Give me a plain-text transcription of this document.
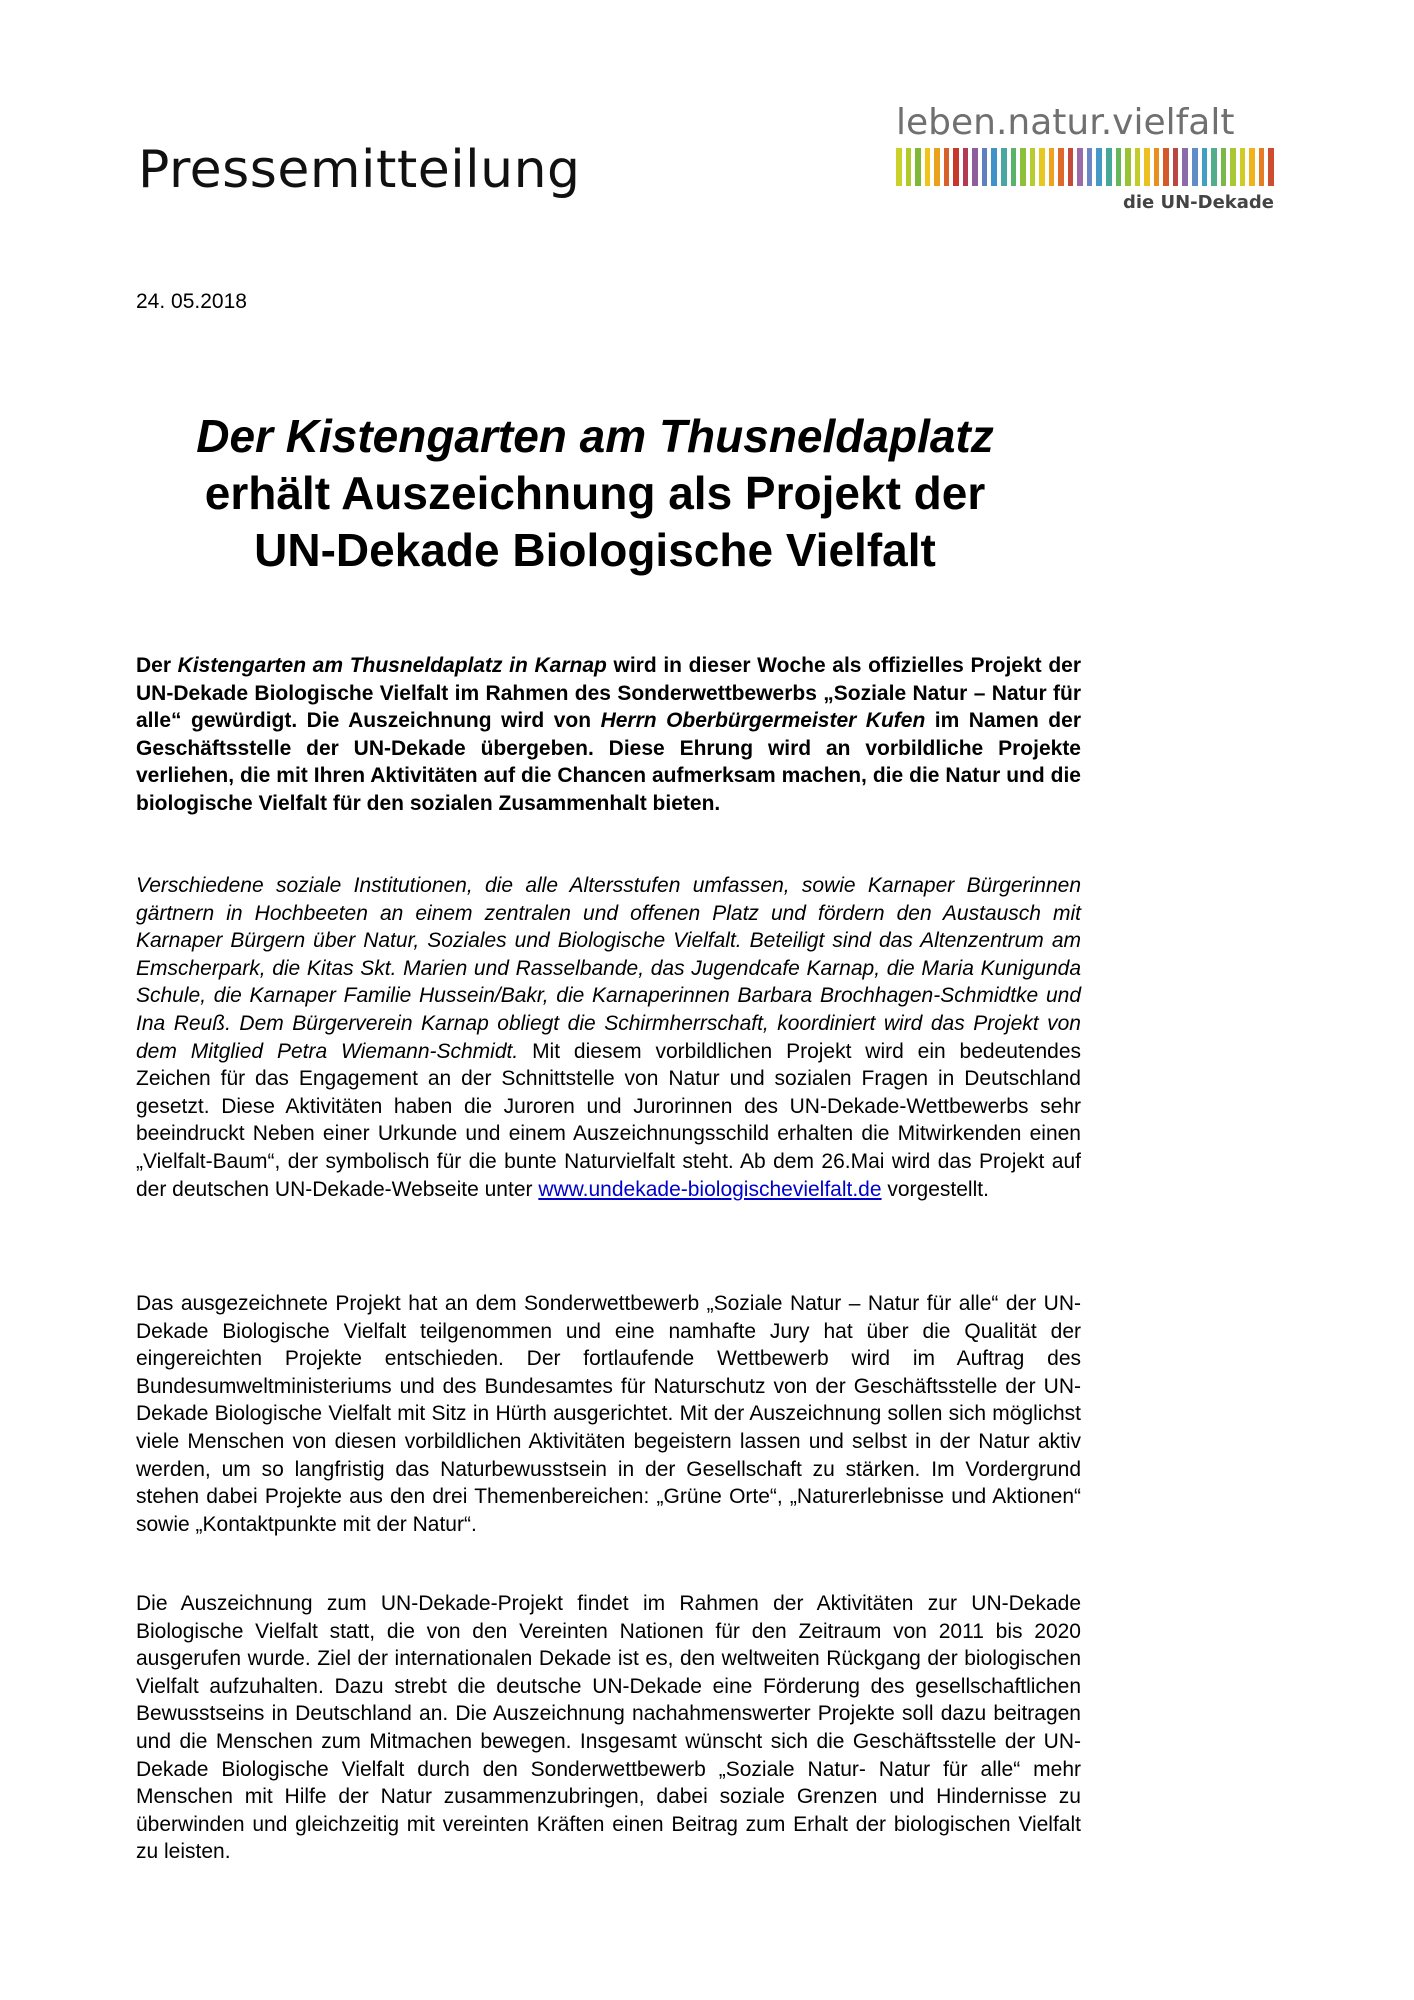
Pressemitteilung
leben.natur.vielfalt
die UN-Dekade
24. 05.2018
Der Kistengarten am Thusneldaplatz
erhält Auszeichnung als Projekt der
UN-Dekade Biologische Vielfalt

Der Kistengarten am Thusneldaplatz in Karnap wird in dieser Woche als offizielles Projekt der UN-Dekade Biologische Vielfalt im Rahmen des Sonderwettbewerbs „Soziale Natur – Natur für alle“ gewürdigt. Die Auszeichnung wird von Herrn Oberbürgermeister Kufen im Namen der Geschäftsstelle der UN-Dekade übergeben. Diese Ehrung wird an vorbildliche Projekte verliehen, die mit Ihren Aktivitäten auf die Chancen aufmerksam machen, die die Natur und die biologische Vielfalt für den sozialen Zusammenhalt bieten.

Verschiedene soziale Institutionen, die alle Altersstufen umfassen, sowie Karnaper Bürgerinnen gärtnern in Hochbeeten an einem zentralen und offenen Platz und fördern den Austausch mit Karnaper Bürgern über Natur, Soziales und Biologische Vielfalt. Beteiligt sind das Altenzentrum am Emscherpark, die Kitas Skt. Marien und Rasselbande, das Jugendcafe Karnap, die Maria Kunigunda Schule, die Karnaper Familie Hussein/Bakr, die Karnaperinnen Barbara Brochhagen-Schmidtke und Ina Reuß. Dem Bürgerverein Karnap obliegt die Schirmherrschaft, koordiniert wird das Projekt von dem Mitglied Petra Wiemann-Schmidt. Mit diesem vorbildlichen Projekt wird ein bedeutendes Zeichen für das Engagement an der Schnittstelle von Natur und sozialen Fragen in Deutschland gesetzt. Diese Aktivitäten haben die Juroren und Jurorinnen des UN-Dekade-Wettbewerbs sehr beeindruckt Neben einer Urkunde und einem Auszeichnungsschild erhalten die Mitwirkenden einen „Vielfalt-Baum“, der symbolisch für die bunte Naturvielfalt steht. Ab dem 26.Mai wird das Projekt auf der deutschen UN-Dekade-Webseite unter www.undekade-biologischevielfalt.de vorgestellt.

Das ausgezeichnete Projekt hat an dem Sonderwettbewerb „Soziale Natur – Natur für alle“ der UN-Dekade Biologische Vielfalt teilgenommen und eine namhafte Jury hat über die Qualität der eingereichten Projekte entschieden. Der fortlaufende Wettbewerb wird im Auftrag des Bundesumweltministeriums und des Bundesamtes für Naturschutz von der Geschäftsstelle der UN-Dekade Biologische Vielfalt mit Sitz in Hürth ausgerichtet. Mit der Auszeichnung sollen sich möglichst viele Menschen von diesen vorbildlichen Aktivitäten begeistern lassen und selbst in der Natur aktiv werden, um so langfristig das Naturbewusstsein in der Gesellschaft zu stärken. Im Vordergrund stehen dabei Projekte aus den drei Themenbereichen: „Grüne Orte“, „Naturerlebnisse und Aktionen“ sowie „Kontaktpunkte mit der Natur“.

Die Auszeichnung zum UN-Dekade-Projekt findet im Rahmen der Aktivitäten zur UN-Dekade Biologische Vielfalt statt, die von den Vereinten Nationen für den Zeitraum von 2011 bis 2020 ausgerufen wurde. Ziel der internationalen Dekade ist es, den weltweiten Rückgang der biologischen Vielfalt aufzuhalten. Dazu strebt die deutsche UN-Dekade eine Förderung des gesellschaftlichen Bewusstseins in Deutschland an. Die Auszeichnung nachahmenswerter Projekte soll dazu beitragen und die Menschen zum Mitmachen bewegen. Insgesamt wünscht sich die Geschäftsstelle der UN-Dekade Biologische Vielfalt durch den Sonderwettbewerb „Soziale Natur- Natur für alle“ mehr Menschen mit Hilfe der Natur zusammenzubringen, dabei soziale Grenzen und Hindernisse zu überwinden und gleichzeitig mit vereinten Kräften einen Beitrag zum Erhalt der biologischen Vielfalt zu leisten.
